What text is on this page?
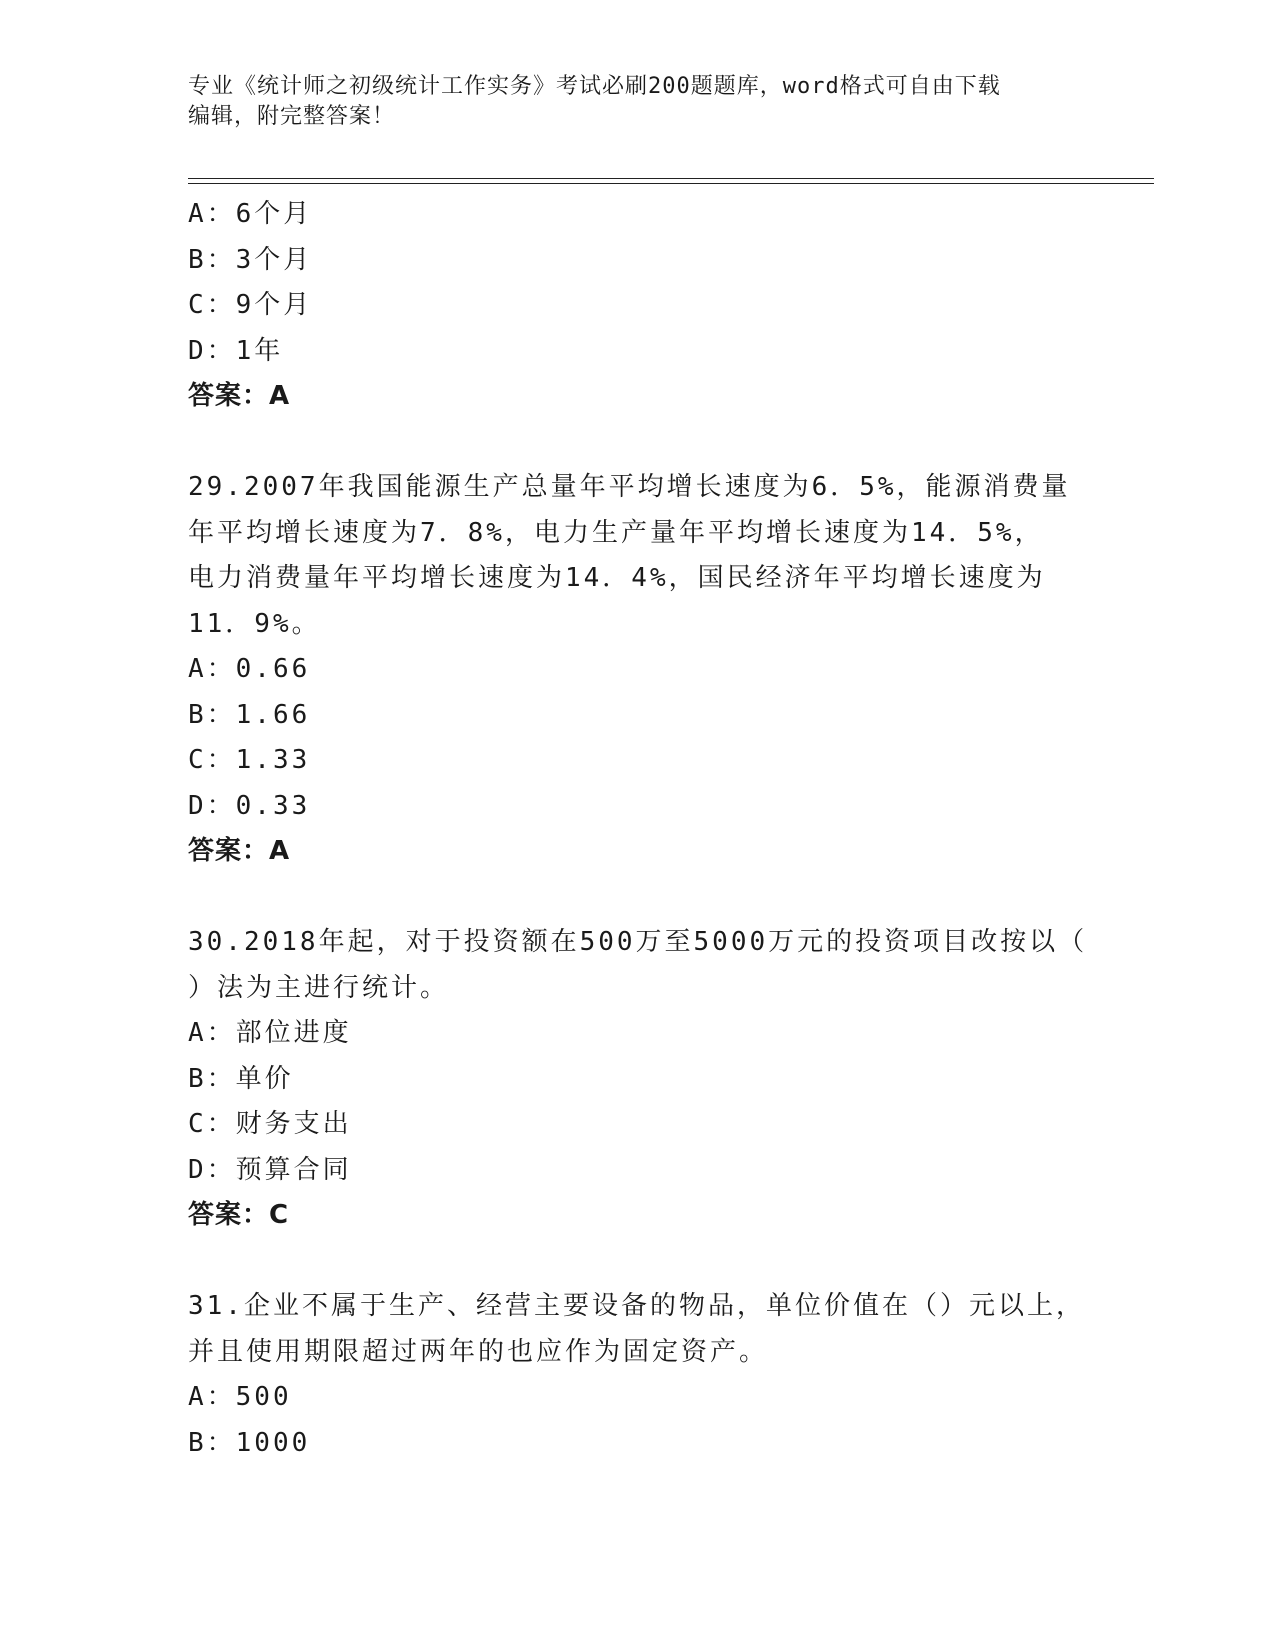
专业《统计师之初级统计工作实务》考试必刷200题题库，word格式可自由下载
编辑，附完整答案！
A：6个月
B：3个月
C：9个月
D：1年
答案：A
29.2007年我国能源生产总量年平均增长速度为6．5%，能源消费量
年平均增长速度为7．8%，电力生产量年平均增长速度为14．5%，
电力消费量年平均增长速度为14．4%，国民经济年平均增长速度为
11．9%。
A：0.66
B：1.66
C：1.33
D：0.33
答案：A
30.2018年起，对于投资额在500万至5000万元的投资项目改按以（
）法为主进行统计。
A：部位进度
B：单价
C：财务支出
D：预算合同
答案：C
31.企业不属于生产、经营主要设备的物品，单位价值在（）元以上，
并且使用期限超过两年的也应作为固定资产。
A：500
B：1000
